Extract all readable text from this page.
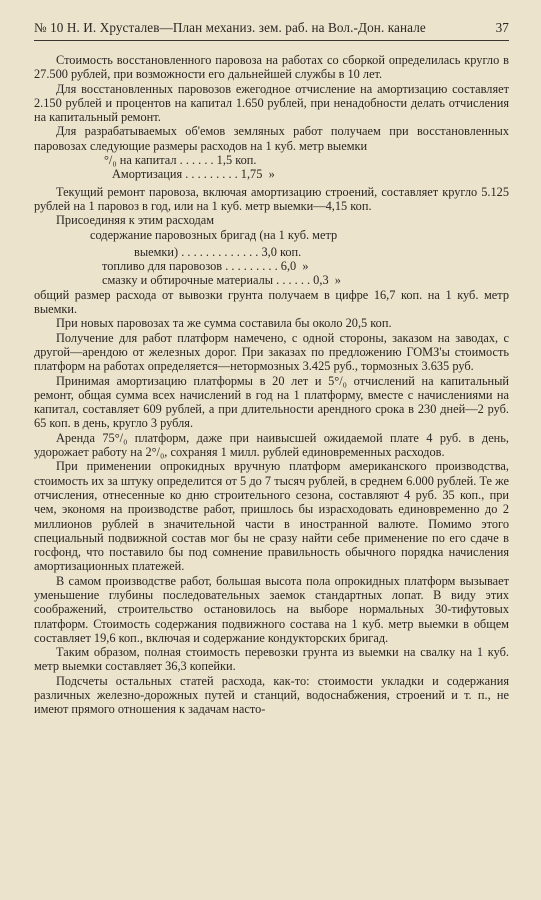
№ 10 Н. И. Хрусталев—План механиз. зем. раб. на Вол.-Дон. канале	37

Стоимость восстановленного паровоза на работах со сборкой определилась кругло в 27.500 рублей, при возможности его дальнейшей службы в 10 лет.

Для восстановленных паровозов ежегодное отчисление на амортизацию составляет 2.150 рублей и процентов на капитал 1.650 рублей, при ненадобности делать отчисления на капитальный ремонт.

Для разрабатываемых об'емов земляных работ получаем при восстановленных паровозах следующие размеры расходов на 1 куб. метр выемки

°/₀ на капитал . . . . . . 1,5 коп.
Амортизация . . . . . . . . . 1,75  »

Текущий ремонт паровоза, включая амортизацию строений, составляет кругло 5.125 рублей на 1 паровоз в год, или на 1 куб. метр выемки—4,15 коп.

Присоединяя к этим расходам
содержание паровозных бригад (на 1 куб. метр
выемки) . . . . . . . . . . . . . 3,0 коп.
топливо для паровозов . . . . . . . . . 6,0  »
смазку и обтирочные материалы . . . . . . 0,3  »

общий размер расхода от вывозки грунта получаем в цифре 16,7 коп. на 1 куб. метр выемки.

При новых паровозах та же сумма составила бы около 20,5 коп.

Получение для работ платформ намечено, с одной стороны, заказом на заводах, с другой—арендою от железных дорог. При заказах по предложению ГОМЗ'ы стоимость платформ на работах определяется—нетормозных 3.425 руб., тормозных 3.635 руб.

Принимая амортизацию платформы в 20 лет и 5°/₀ отчислений на капитальный ремонт, общая сумма всех начислений в год на 1 платформу, вместе с начислениями на капитал, составляет 609 рублей, а при длительности арендного срока в 230 дней—2 руб. 65 коп. в день, кругло 3 рубля.

Аренда 75°/₀ платформ, даже при наивысшей ожидаемой плате 4 руб. в день, удорожает работу на 2°/₀, сохраняя 1 милл. рублей единовременных расходов.

При применении опрокидных вручную платформ американского производства, стоимость их за штуку определится от 5 до 7 тысяч рублей, в среднем 6.000 рублей. Те же отчисления, отнесенные ко дню строительного сезона, составляют 4 руб. 35 коп., при чем, экономя на производстве работ, пришлось бы израсходовать единовременно до 2 миллионов рублей в значительной части в иностранной валюте. Помимо этого специальный подвижной состав мог бы не сразу найти себе применение по его сдаче в госфонд, что поставило бы под сомнение правильность обычного порядка начисления амортизационных платежей.

В самом производстве работ, большая высота пола опрокидных платформ вызывает уменьшение глубины последовательных заемок стандартных лопат. В виду этих соображений, строительство остановилось на выборе нормальных 30-тифутовых платформ. Стоимость содержания подвижного состава на 1 куб. метр выемки в общем составляет 19,6 коп., включая и содержание кондукторских бригад.

Таким образом, полная стоимость перевозки грунта из выемки на свалку на 1 куб. метр выемки составляет 36,3 копейки.

Подсчеты остальных статей расхода, как-то: стоимости укладки и содержания различных железно-дорожных путей и станций, водоснабжения, строений и т. п., не имеют прямого отношения к задачам насто-
